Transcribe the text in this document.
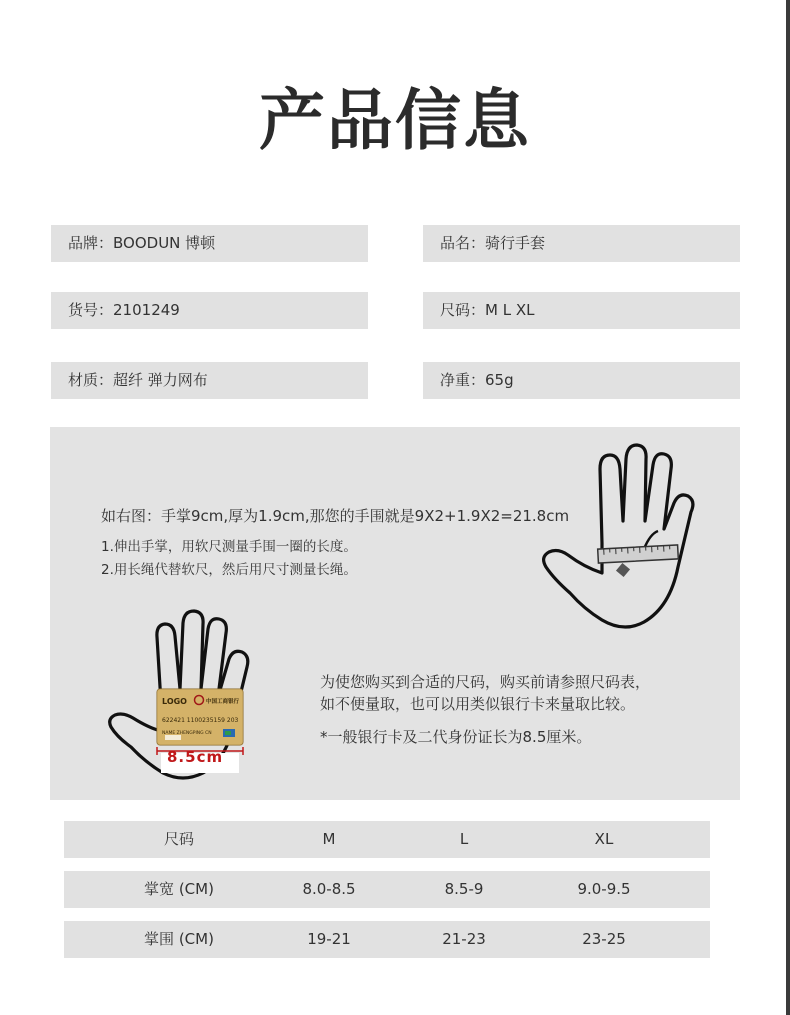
产品信息
品牌：BOODUN 博顿	品名：骑行手套
货号：2101249	尺码：M L XL
材质：超纤 弹力网布	净重：65g
如右图：手掌9cm,厚为1.9cm,那您的手围就是9X2+1.9X2=21.8cm
1.伸出手掌，用软尺测量手围一圈的长度。
2.用长绳代替软尺，然后用尺寸测量长绳。
LOGO	中国工商银行
622421 1100235159 203
NAME ZHENGPING CN
8.5cm
为使您购买到合适的尺码，购买前请参照尺码表，
如不便量取，也可以用类似银行卡来量取比较。
*一般银行卡及二代身份证长为8.5厘米。
尺码	M	L	XL
掌宽 (CM)	8.0-8.5	8.5-9	9.0-9.5
掌围 (CM)	19-21	21-23	23-25
